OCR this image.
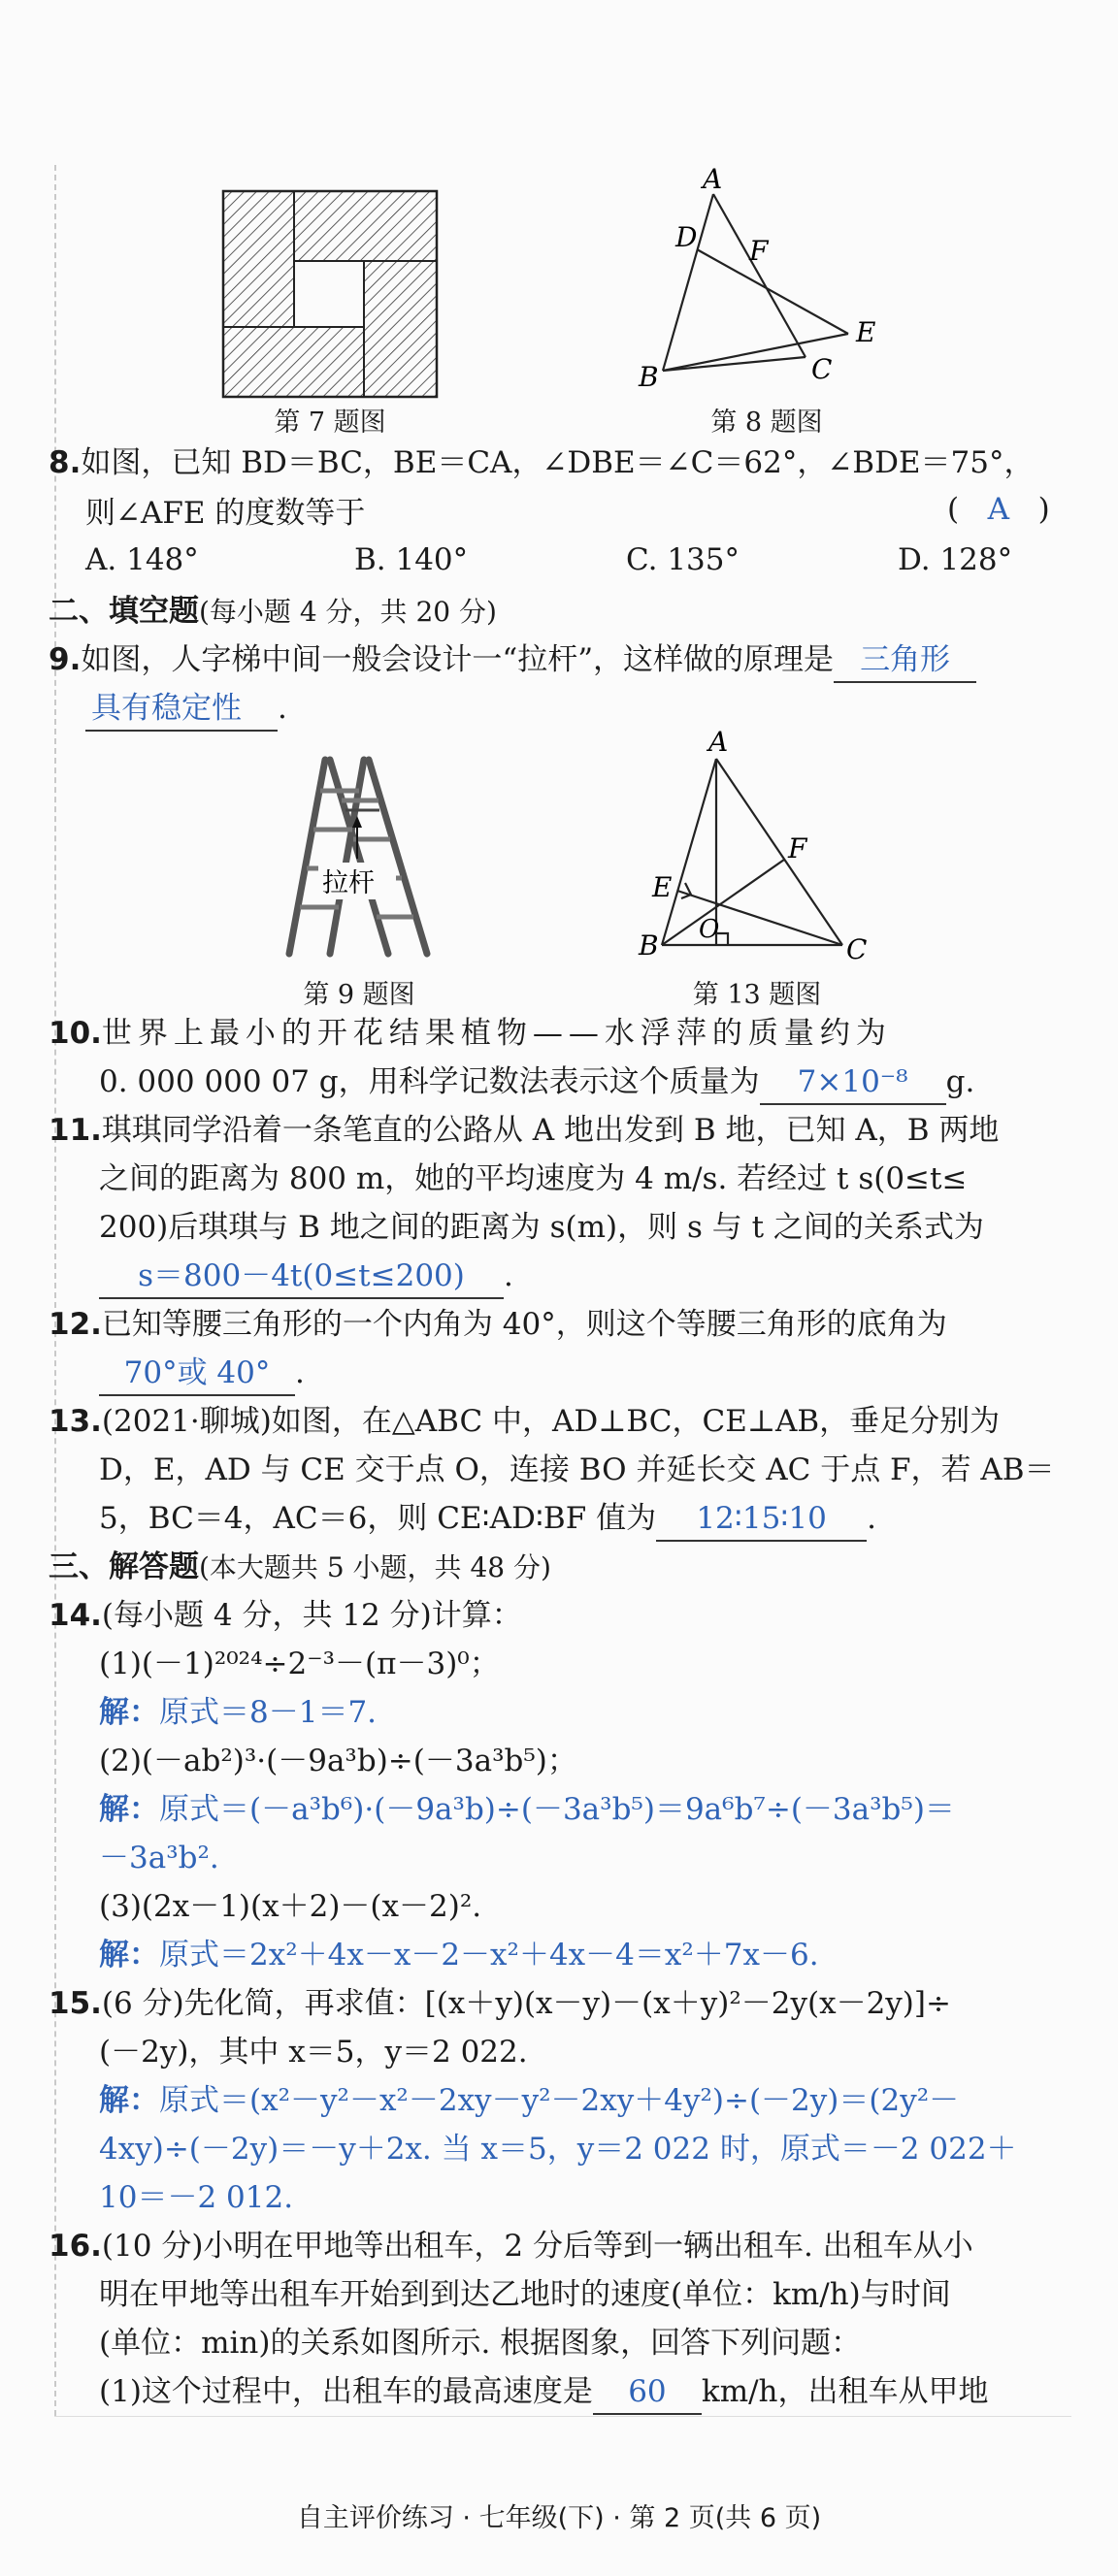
第 7 题图
A
D F
E
B	C
第 8 题图
8.如图，已知 BD＝BC，BE＝CA，∠DBE＝∠C＝62°，∠BDE＝75°，
则∠AFE 的度数等于	(   A   )
A. 148°	B. 140°	C. 135°	D. 128°
二、填空题(每小题 4 分，共 20 分)
9.如图，人字梯中间一般会设计一“拉杆”，这样做的原理是 三角形
具有稳定性 .
拉杆
第 9 题图
A
F
E
B O
C
第 13 题图
10.世界上最小的开花结果植物——水浮萍的质量约为
0. 000 000 07 g，用科学记数法表示这个质量为 7×10⁻⁸ g.
11.琪琪同学沿着一条笔直的公路从 A 地出发到 B 地，已知 A，B 两地
之间的距离为 800 m，她的平均速度为 4 m/s. 若经过 t s(0≤t≤
200)后琪琪与 B 地之间的距离为 s(m)，则 s 与 t 之间的关系式为
s＝800－4t(0≤t≤200) .
12.已知等腰三角形的一个内角为 40°，则这个等腰三角形的底角为
70°或 40° .
13.(2021·聊城)如图，在△ABC 中，AD⊥BC，CE⊥AB，垂足分别为
D，E，AD 与 CE 交于点 O，连接 BO 并延长交 AC 于点 F，若 AB＝
5，BC＝4，AC＝6，则 CE∶AD∶BF 值为 12∶15∶10 .
三、解答题(本大题共 5 小题，共 48 分)
14.(每小题 4 分，共 12 分)计算：
(1)(－1)²⁰²⁴÷2⁻³－(π－3)⁰；
解：原式＝8－1＝7.
(2)(－ab²)³·(－9a³b)÷(－3a³b⁵)；
解：原式＝(－a³b⁶)·(－9a³b)÷(－3a³b⁵)＝9a⁶b⁷÷(－3a³b⁵)＝
－3a³b².
(3)(2x－1)(x＋2)－(x－2)².
解：原式＝2x²＋4x－x－2－x²＋4x－4＝x²＋7x－6.
15.(6 分)先化简，再求值：[(x＋y)(x－y)－(x＋y)²－2y(x－2y)]÷
(－2y)，其中 x＝5，y＝2 022.
解：原式＝(x²－y²－x²－2xy－y²－2xy＋4y²)÷(－2y)＝(2y²－
4xy)÷(－2y)＝－y＋2x. 当 x＝5，y＝2 022 时，原式＝－2 022＋
10＝－2 012.
16.(10 分)小明在甲地等出租车，2 分后等到一辆出租车. 出租车从小
明在甲地等出租车开始到到达乙地时的速度(单位：km/h)与时间
(单位：min)的关系如图所示. 根据图象，回答下列问题：
(1)这个过程中，出租车的最高速度是 60 km/h，出租车从甲地
自主评价练习 · 七年级(下) · 第 2 页(共 6 页)
